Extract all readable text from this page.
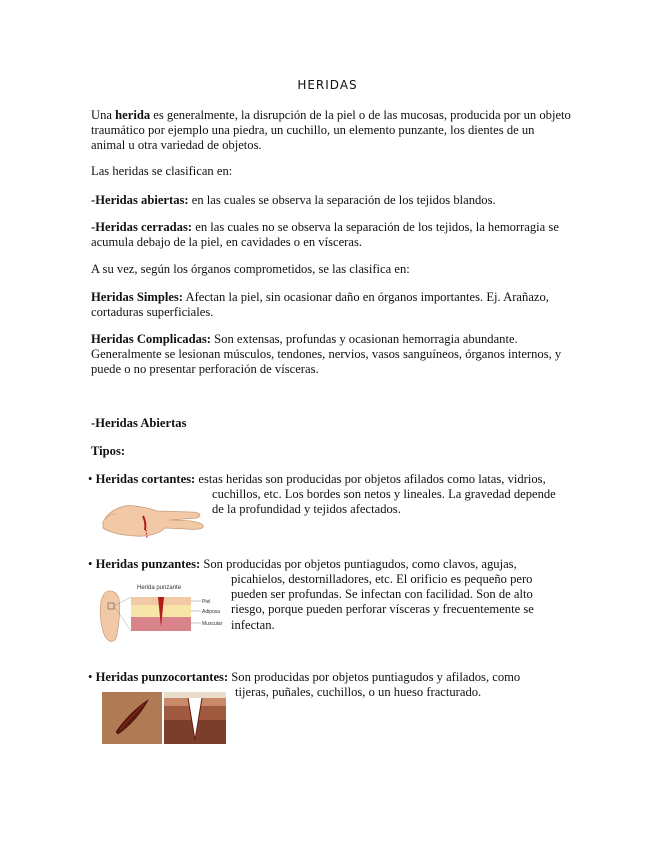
HERIDAS

Una herida es generalmente, la disrupción de la piel o de las mucosas, producida por un objeto traumático por ejemplo una piedra, un cuchillo, un elemento punzante, los dientes de un animal u otra variedad de objetos.

Las heridas se clasifican en:

-Heridas abiertas: en las cuales se observa la separación de los tejidos blandos.

-Heridas cerradas: en las cuales no se observa la separación de los tejidos, la hemorragia se acumula debajo de la piel, en cavidades o en vísceras.

A su vez, según los órganos comprometidos, se las clasifica en:

Heridas Simples: Afectan la piel, sin ocasionar daño en órganos importantes. Ej. Arañazo, cortaduras superficiales.

Heridas Complicadas: Son extensas, profundas y ocasionan hemorragia abundante. Generalmente se lesionan músculos, tendones, nervios, vasos sanguíneos, órganos internos, y puede o no presentar perforación de vísceras.

-Heridas Abiertas

Tipos:

• Heridas cortantes: estas heridas son producidas por objetos afilados como latas, vidrios,

cuchillos, etc. Los bordes son netos y lineales. La gravedad depende de la profundidad y tejidos afectados.

• Heridas punzantes: Son producidas por objetos puntiagudos, como clavos, agujas,

picahielos, destornilladores, etc. El orificio es pequeño pero pueden ser profundas. Se infectan con facilidad. Son de alto riesgo, porque pueden perforar vísceras y frecuentemente se infectan.

Herida punzante
Piel
Adiposa
Muscular
• Heridas punzocortantes: Son producidas por objetos puntiagudos y afilados, como

tijeras, puñales, cuchillos, o un hueso fracturado.
